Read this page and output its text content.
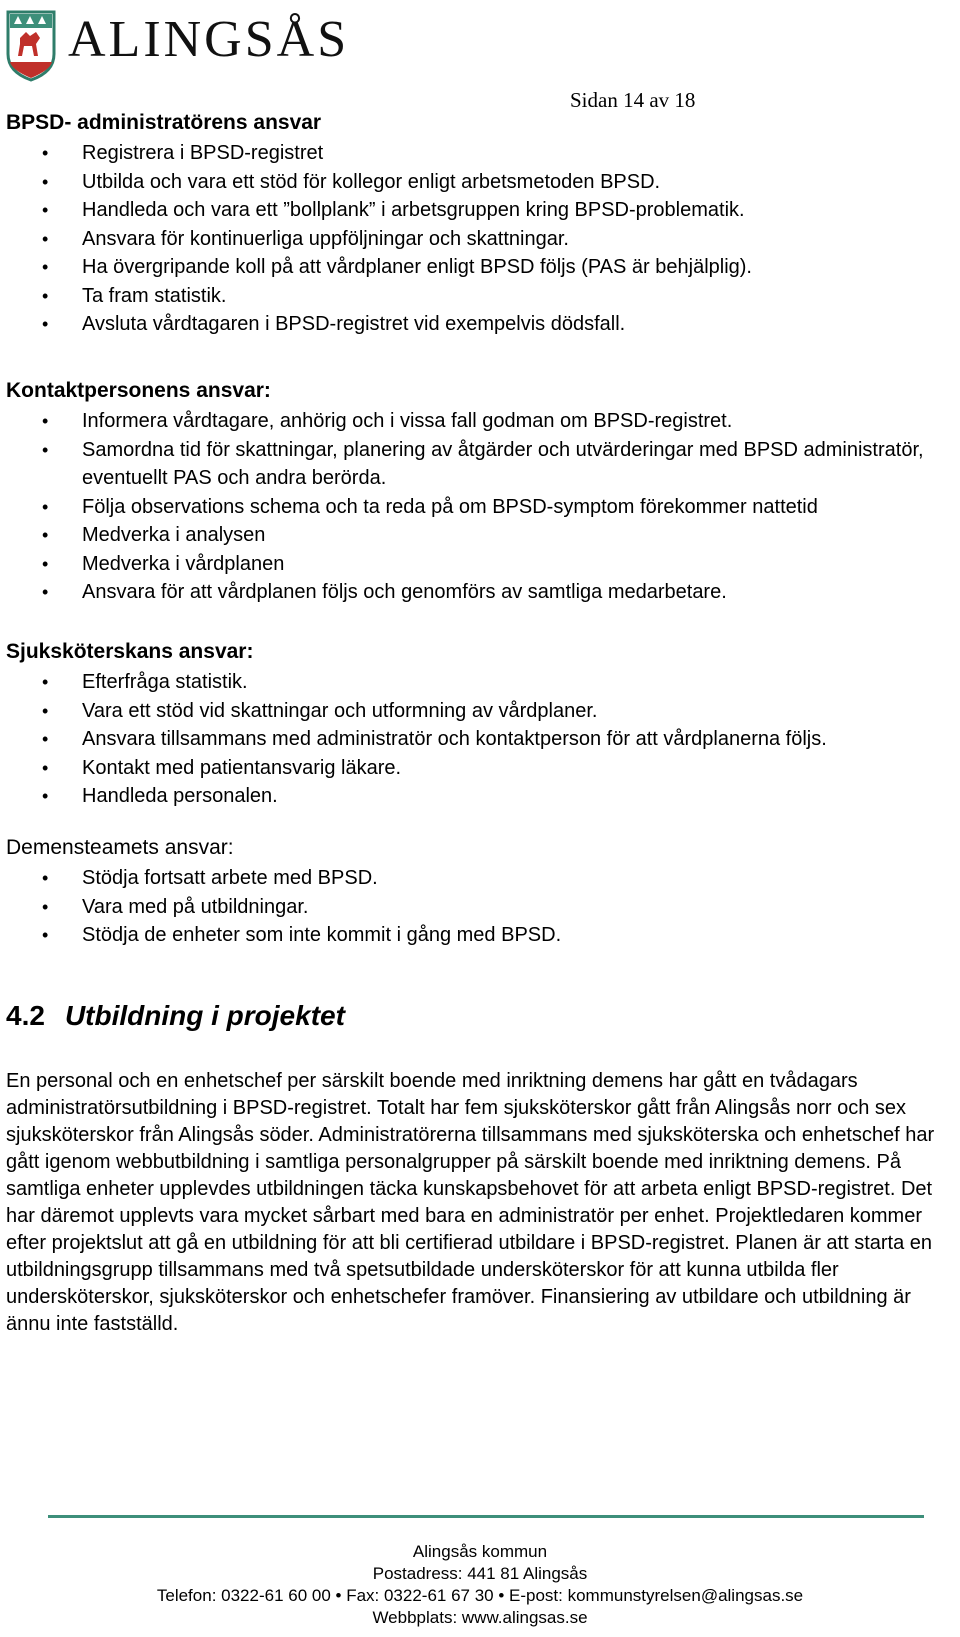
ALINGSÅS
Sidan 14 av 18
BPSD- administratörens ansvar
• Registrera i BPSD-registret
• Utbilda och vara ett stöd för kollegor enligt arbetsmetoden BPSD.
• Handleda och vara ett ”bollplank” i arbetsgruppen kring BPSD-problematik.
• Ansvara för kontinuerliga uppföljningar och skattningar.
• Ha övergripande koll på att vårdplaner enligt BPSD följs (PAS är behjälplig).
• Ta fram statistik.
• Avsluta vårdtagaren i BPSD-registret vid exempelvis dödsfall.
Kontaktpersonens ansvar:
• Informera vårdtagare, anhörig och i vissa fall godman om BPSD-registret.
• Samordna tid för skattningar, planering av åtgärder och utvärderingar med BPSD administratör, eventuellt PAS och andra berörda.
• Följa observations schema och ta reda på om BPSD-symptom förekommer nattetid
• Medverka i analysen
• Medverka i vårdplanen
• Ansvara för att vårdplanen följs och genomförs av samtliga medarbetare.
Sjuksköterskans ansvar:
• Efterfråga statistik.
• Vara ett stöd vid skattningar och utformning av vårdplaner.
• Ansvara tillsammans med administratör och kontaktperson för att vårdplanerna följs.
• Kontakt med patientansvarig läkare.
• Handleda personalen.
Demensteamets ansvar:
• Stödja fortsatt arbete med BPSD.
• Vara med på utbildningar.
• Stödja de enheter som inte kommit i gång med BPSD.
4.2 Utbildning i projektet

En personal och en enhetschef per särskilt boende med inriktning demens har gått en tvådagars administratörsutbildning i BPSD-registret. Totalt har fem sjuksköterskor gått från Alingsås norr och sex sjuksköterskor från Alingsås söder. Administratörerna tillsammans med sjuksköterska och enhetschef har gått igenom webbutbildning i samtliga personalgrupper på särskilt boende med inriktning demens. På samtliga enheter upplevdes utbildningen täcka kunskapsbehovet för att arbeta enligt BPSD-registret. Det har däremot upplevts vara mycket sårbart med bara en administratör per enhet. Projektledaren kommer efter projektslut att gå en utbildning för att bli certifierad utbildare i BPSD-registret. Planen är att starta en utbildningsgrupp tillsammans med två spetsutbildade undersköterskor för att kunna utbilda fler undersköterskor, sjuksköterskor och enhetschefer framöver. Finansiering av utbildare och utbildning är ännu inte fastställd.

Alingsås kommun
Postadress: 441 81 Alingsås
Telefon: 0322-61 60 00 • Fax: 0322-61 67 30 • E-post: kommunstyrelsen@alingsas.se
Webbplats: www.alingsas.se
